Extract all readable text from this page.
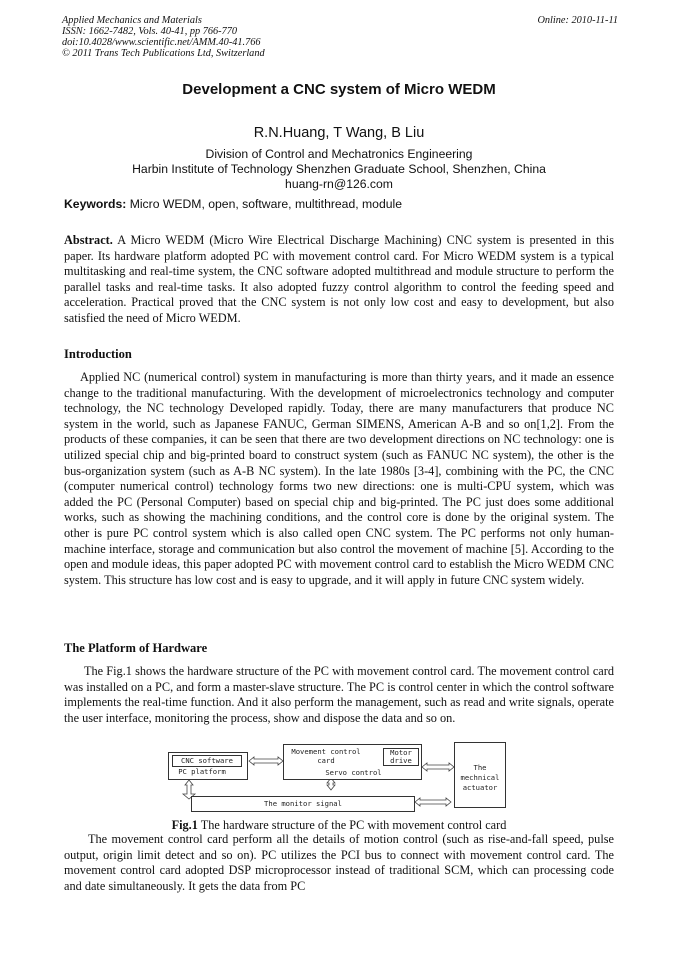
Applied Mechanics and Materials
ISSN: 1662-7482, Vols. 40-41, pp 766-770
doi:10.4028/www.scientific.net/AMM.40-41.766
© 2011 Trans Tech Publications Ltd, Switzerland
Online: 2010-11-11
Development a CNC system of Micro WEDM
R.N.Huang, T Wang, B Liu
Division of Control and Mechatronics Engineering
Harbin Institute of Technology Shenzhen Graduate School, Shenzhen, China
huang-rn@126.com
Keywords: Micro WEDM, open, software, multithread, module
Abstract. A Micro WEDM (Micro Wire Electrical Discharge Machining) CNC system is presented in this paper. Its hardware platform adopted PC with movement control card. For Micro WEDM system is a typical multitasking and real-time system, the CNC software adopted multithread and module structure to perform the parallel tasks and real-time tasks. It also adopted fuzzy control algorithm to control the feeding speed and acceleration. Practical proved that the CNC system is not only low cost and easy to development, but also satisfied the need of Micro WEDM.
Introduction
Applied NC (numerical control) system in manufacturing is more than thirty years, and it made an essence change to the traditional manufacturing. With the development of microelectronics technology and computer technology, the NC technology Developed rapidly. Today, there are many manufacturers that produce NC system in the world, such as Japanese FANUC, German SIMENS, American A-B and so on[1,2]. From the products of these companies, it can be seen that there are two development directions on NC technology: one is utilized special chip and big-printed board to construct system (such as FANUC NC system), the other is the bus-organization system (such as A-B NC system). In the late 1980s [3-4], combining with the PC, the CNC (computer numerical control) technology forms two new directions: one is multi-CPU system, which was added the PC (Personal Computer) based on special chip and big-printed. The PC just does some additional works, such as showing the machining conditions, and the control core is done by the original system. The other is pure PC control system which is also called open CNC system. The PC performs not only human-machine interface, storage and communication but also control the movement of machine [5]. According to the open and module ideas, this paper adopted PC with movement control card to establish the Micro WEDM CNC system. This structure has low cost and is easy to upgrade, and it will apply in future CNC system widely.
The Platform of Hardware
The Fig.1 shows the hardware structure of the PC with movement control card. The movement control card was installed on a PC, and form a master-slave structure. The PC is control center in which the control software implements the real-time function. And it also perform the management, such as read and write signals, operate the user interface, monitoring the process, show and dispose the data and so on.
CNC software
PC platform
Movement control card
Motor drive
Servo control
The mechnical actuator
The monitor signal
Fig.1 The hardware structure of the PC with movement control card
The movement control card perform all the details of motion control (such as rise-and-fall speed, pulse output, origin limit detect and so on). PC utilizes the PCI bus to connect with movement control card. The movement control card adopted DSP microprocessor instead of traditional SCM, which can processing code and date simultaneously. It gets the data from PC
